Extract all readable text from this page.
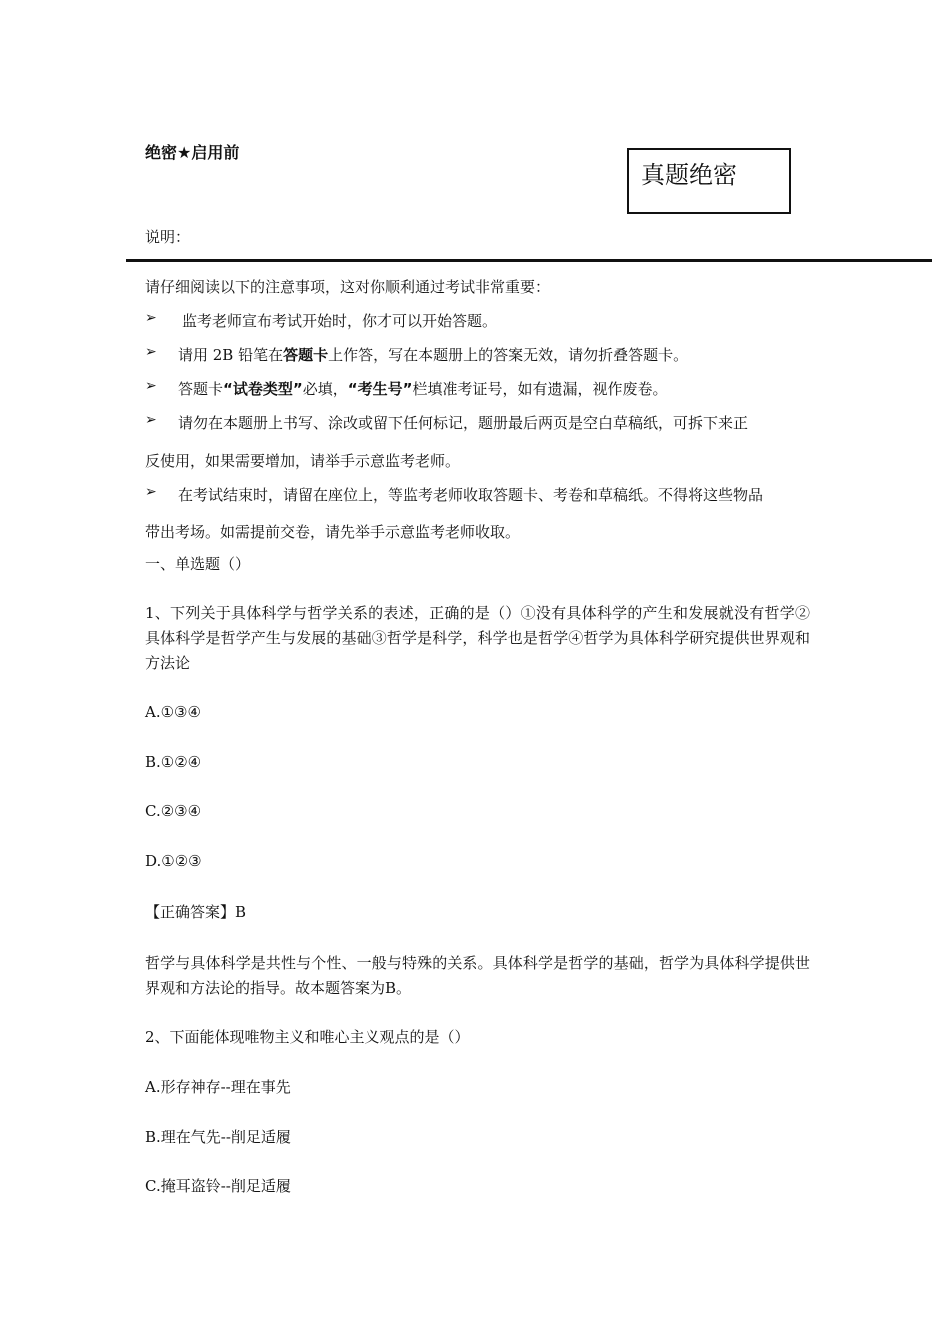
绝密★启用前
真题绝密
说明：
请仔细阅读以下的注意事项，这对你顺利通过考试非常重要：
➢ 监考老师宣布考试开始时，你才可以开始答题。
➢ 请用 2B 铅笔在答题卡上作答，写在本题册上的答案无效，请勿折叠答题卡。
➢ 答题卡“试卷类型”必填，“考生号”栏填准考证号，如有遗漏，视作废卷。
➢ 请勿在本题册上书写、涂改或留下任何标记，题册最后两页是空白草稿纸，可拆下来正
反使用，如果需要增加，请举手示意监考老师。
➢ 在考试结束时，请留在座位上，等监考老师收取答题卡、考卷和草稿纸。不得将这些物品
带出考场。如需提前交卷，请先举手示意监考老师收取。
一、单选题（）
1、下列关于具体科学与哲学关系的表述，正确的是（）①没有具体科学的产生和发展就没有哲学②具体科学是哲学产生与发展的基础③哲学是科学，科学也是哲学④哲学为具体科学研究提供世界观和方法论
A.①③④
B.①②④
C.②③④
D.①②③
【正确答案】B
哲学与具体科学是共性与个性、一般与特殊的关系。具体科学是哲学的基础，哲学为具体科学提供世界观和方法论的指导。故本题答案为B。
2、下面能体现唯物主义和唯心主义观点的是（）
A.形存神存--理在事先
B.理在气先--削足适履
C.掩耳盗铃--削足适履
